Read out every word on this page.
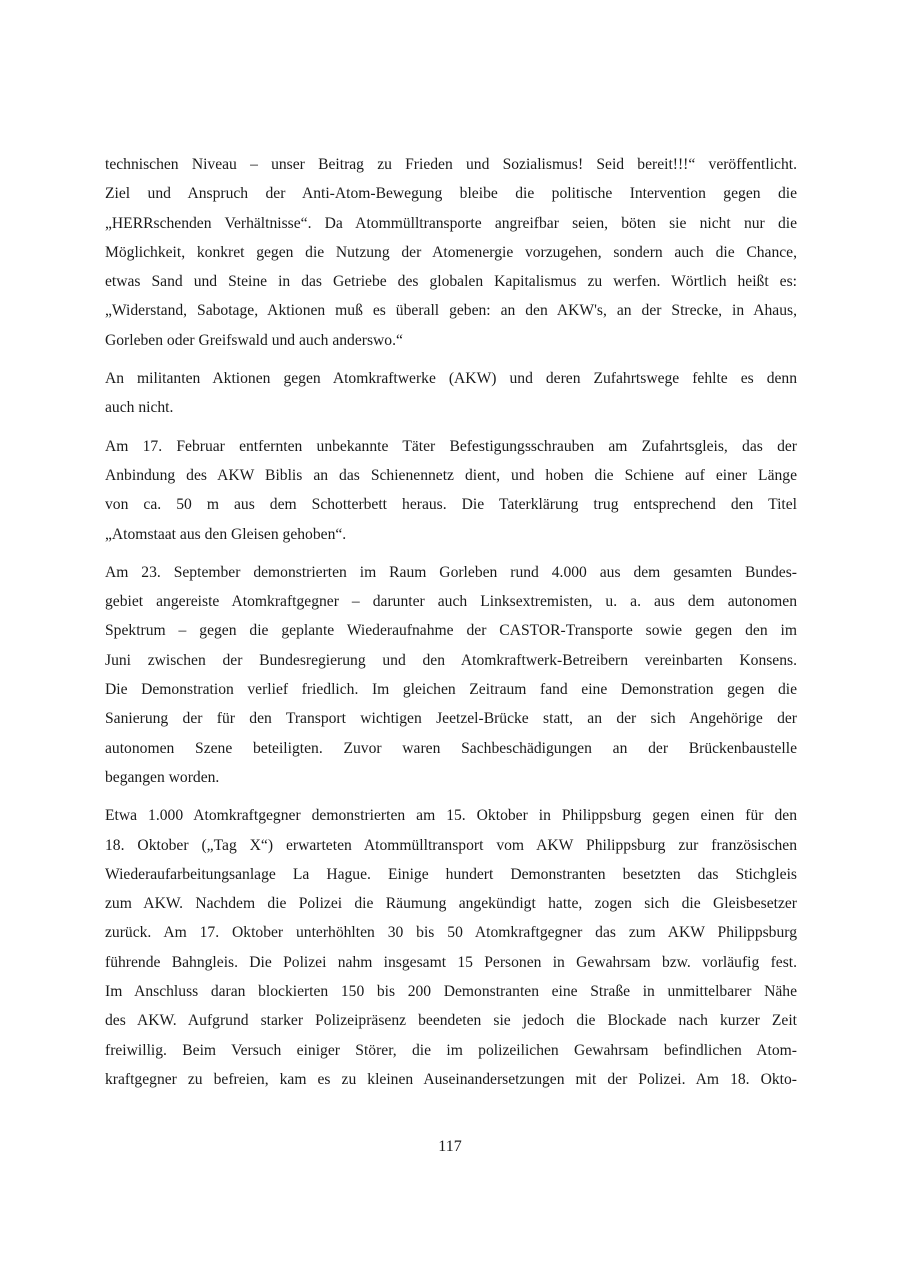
technischen Niveau – unser Beitrag zu Frieden und Sozialismus! Seid bereit!!!“ veröffentlicht.
Ziel und Anspruch der Anti-Atom-Bewegung bleibe die politische Intervention gegen die
„HERRschenden Verhältnisse“. Da Atommülltransporte angreifbar seien, böten sie nicht nur die
Möglichkeit, konkret gegen die Nutzung der Atomenergie vorzugehen, sondern auch die Chance,
etwas Sand und Steine in das Getriebe des globalen Kapitalismus zu werfen. Wörtlich heißt es:
„Widerstand, Sabotage, Aktionen muß es überall geben: an den AKW's, an der Strecke, in Ahaus,
Gorleben oder Greifswald und auch anderswo.“
An militanten Aktionen gegen Atomkraftwerke (AKW) und deren Zufahrtswege fehlte es denn
auch nicht.
Am 17. Februar entfernten unbekannte Täter Befestigungsschrauben am Zufahrtsgleis, das der
Anbindung des AKW Biblis an das Schienennetz dient, und hoben die Schiene auf einer Länge
von ca. 50 m aus dem Schotterbett heraus. Die Taterklärung trug entsprechend den Titel
„Atomstaat aus den Gleisen gehoben“.
Am 23. September demonstrierten im Raum Gorleben rund 4.000 aus dem gesamten Bundes-
gebiet angereiste Atomkraftgegner – darunter auch Linksextremisten, u. a. aus dem autonomen
Spektrum – gegen die geplante Wiederaufnahme der CASTOR-Transporte sowie gegen den im
Juni zwischen der Bundesregierung und den Atomkraftwerk-Betreibern vereinbarten Konsens.
Die Demonstration verlief friedlich. Im gleichen Zeitraum fand eine Demonstration gegen die
Sanierung der für den Transport wichtigen Jeetzel-Brücke statt, an der sich Angehörige der
autonomen Szene beteiligten. Zuvor waren Sachbeschädigungen an der Brückenbaustelle
begangen worden.
Etwa 1.000 Atomkraftgegner demonstrierten am 15. Oktober in Philippsburg gegen einen für den
18. Oktober („Tag X“) erwarteten Atommülltransport vom AKW Philippsburg zur französischen
Wiederaufarbeitungsanlage La Hague. Einige hundert Demonstranten besetzten das Stichgleis
zum AKW. Nachdem die Polizei die Räumung angekündigt hatte, zogen sich die Gleisbesetzer
zurück. Am 17. Oktober unterhöhlten 30 bis 50 Atomkraftgegner das zum AKW Philippsburg
führende Bahngleis. Die Polizei nahm insgesamt 15 Personen in Gewahrsam bzw. vorläufig fest.
Im Anschluss daran blockierten 150 bis 200 Demonstranten eine Straße in unmittelbarer Nähe
des AKW. Aufgrund starker Polizeipräsenz beendeten sie jedoch die Blockade nach kurzer Zeit
freiwillig. Beim Versuch einiger Störer, die im polizeilichen Gewahrsam befindlichen Atom-
kraftgegner zu befreien, kam es zu kleinen Auseinandersetzungen mit der Polizei. Am 18. Okto-
117
